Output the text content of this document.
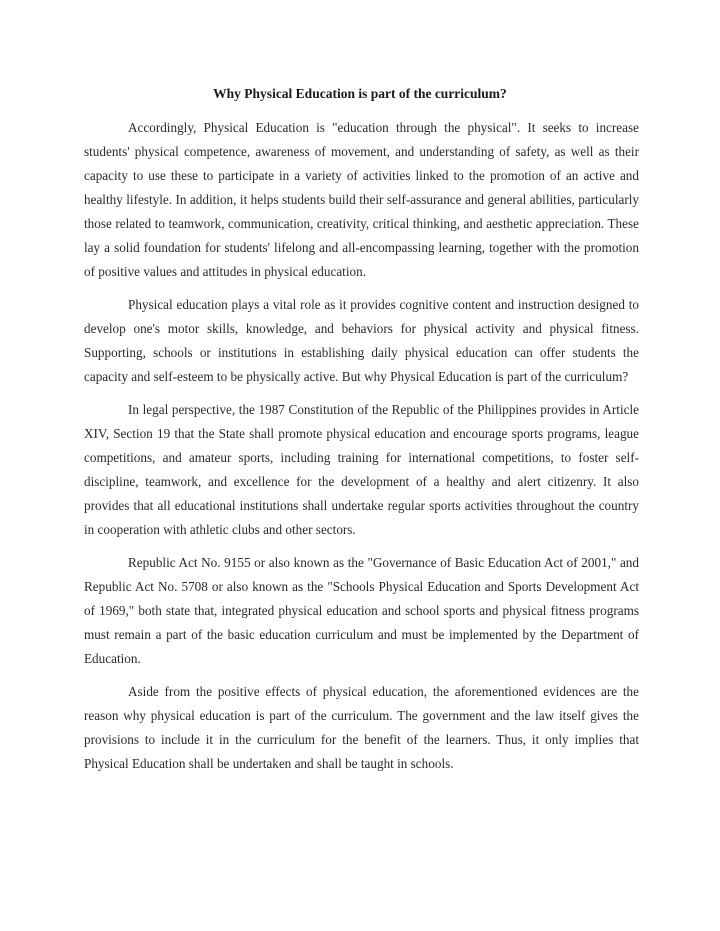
Why Physical Education is part of the curriculum?

Accordingly, Physical Education is "education through the physical". It seeks to increase students' physical competence, awareness of movement, and understanding of safety, as well as their capacity to use these to participate in a variety of activities linked to the promotion of an active and healthy lifestyle. In addition, it helps students build their self-assurance and general abilities, particularly those related to teamwork, communication, creativity, critical thinking, and aesthetic appreciation. These lay a solid foundation for students' lifelong and all-encompassing learning, together with the promotion of positive values and attitudes in physical education.

Physical education plays a vital role as it provides cognitive content and instruction designed to develop one's motor skills, knowledge, and behaviors for physical activity and physical fitness. Supporting, schools or institutions in establishing daily physical education can offer students the capacity and self-esteem to be physically active. But why Physical Education is part of the curriculum?

In legal perspective, the 1987 Constitution of the Republic of the Philippines provides in Article XIV, Section 19 that the State shall promote physical education and encourage sports programs, league competitions, and amateur sports, including training for international competitions, to foster self-discipline, teamwork, and excellence for the development of a healthy and alert citizenry. It also provides that all educational institutions shall undertake regular sports activities throughout the country in cooperation with athletic clubs and other sectors.

Republic Act No. 9155 or also known as the "Governance of Basic Education Act of 2001," and Republic Act No. 5708 or also known as the "Schools Physical Education and Sports Development Act of 1969," both state that, integrated physical education and school sports and physical fitness programs must remain a part of the basic education curriculum and must be implemented by the Department of Education.

Aside from the positive effects of physical education, the aforementioned evidences are the reason why physical education is part of the curriculum. The government and the law itself gives the provisions to include it in the curriculum for the benefit of the learners. Thus, it only implies that Physical Education shall be undertaken and shall be taught in schools.
